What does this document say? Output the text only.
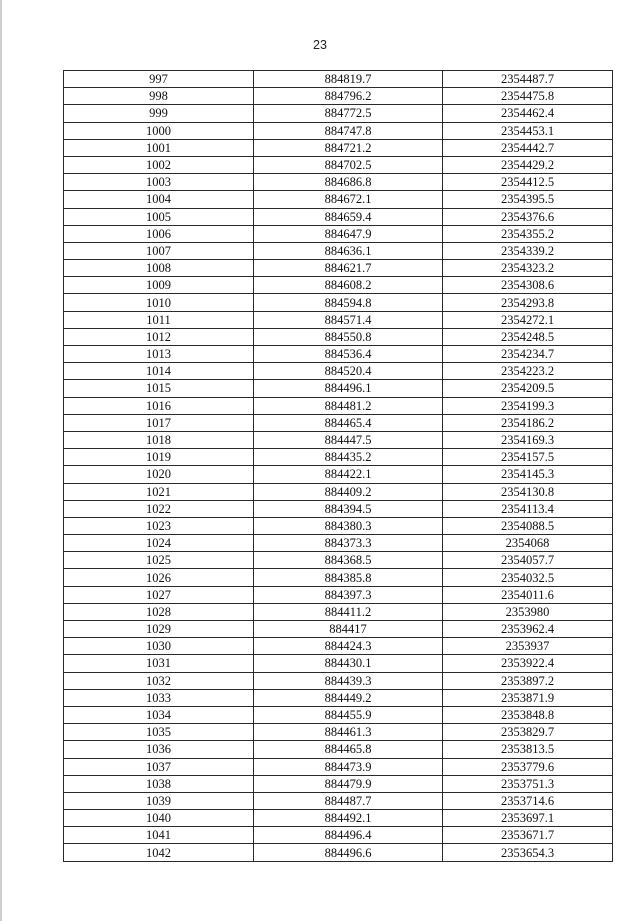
23
997	884819.7	2354487.7
998	884796.2	2354475.8
999	884772.5	2354462.4
1000	884747.8	2354453.1
1001	884721.2	2354442.7
1002	884702.5	2354429.2
1003	884686.8	2354412.5
1004	884672.1	2354395.5
1005	884659.4	2354376.6
1006	884647.9	2354355.2
1007	884636.1	2354339.2
1008	884621.7	2354323.2
1009	884608.2	2354308.6
1010	884594.8	2354293.8
1011	884571.4	2354272.1
1012	884550.8	2354248.5
1013	884536.4	2354234.7
1014	884520.4	2354223.2
1015	884496.1	2354209.5
1016	884481.2	2354199.3
1017	884465.4	2354186.2
1018	884447.5	2354169.3
1019	884435.2	2354157.5
1020	884422.1	2354145.3
1021	884409.2	2354130.8
1022	884394.5	2354113.4
1023	884380.3	2354088.5
1024	884373.3	2354068
1025	884368.5	2354057.7
1026	884385.8	2354032.5
1027	884397.3	2354011.6
1028	884411.2	2353980
1029	884417	2353962.4
1030	884424.3	2353937
1031	884430.1	2353922.4
1032	884439.3	2353897.2
1033	884449.2	2353871.9
1034	884455.9	2353848.8
1035	884461.3	2353829.7
1036	884465.8	2353813.5
1037	884473.9	2353779.6
1038	884479.9	2353751.3
1039	884487.7	2353714.6
1040	884492.1	2353697.1
1041	884496.4	2353671.7
1042	884496.6	2353654.3
